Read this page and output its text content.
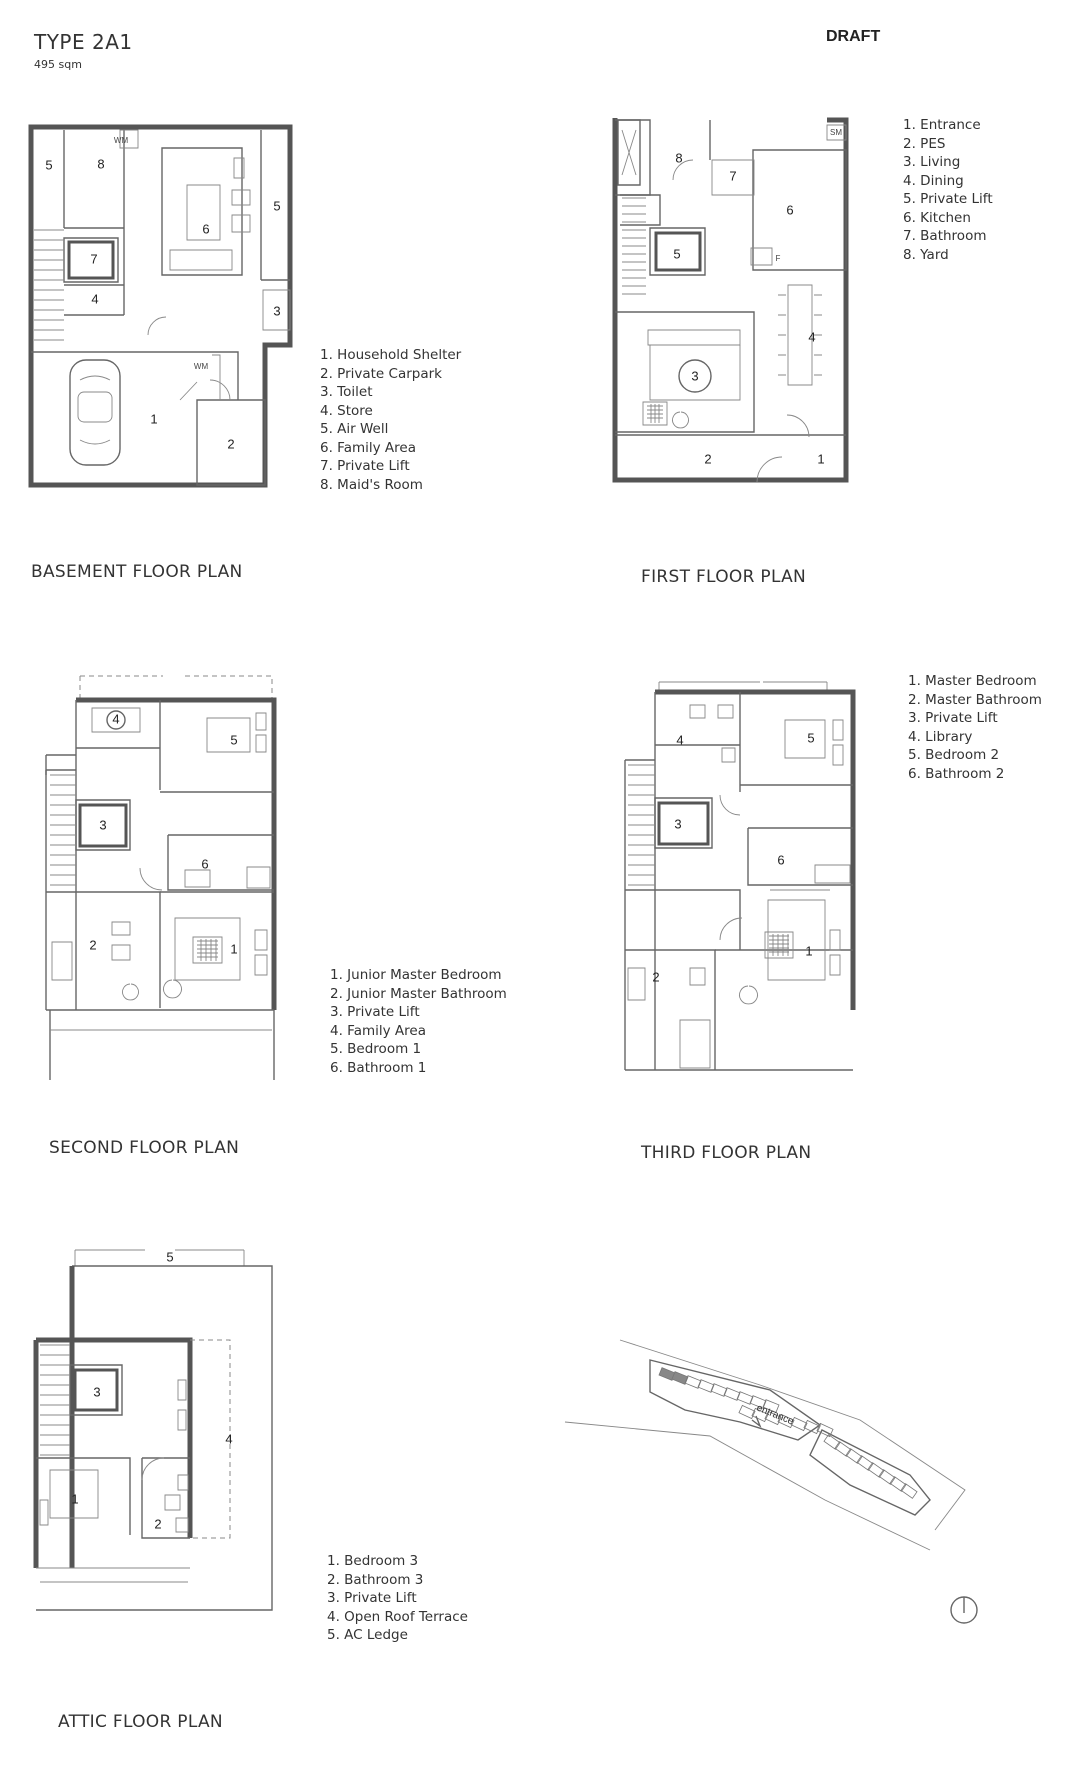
TYPE 2A1
495 sqm
DRAFT
1
2
3
4
5
5
6
7
8
WM
WM
1. Household Shelter
2. Private Carpark
3. Toilet
4. Store
5. Air Well
6. Family Area
7. Private Lift
8. Maid's Room
BASEMENT FLOOR PLAN
1
2
3
4
5
6
7
8
SM
F
1. Entrance
2. PES
3. Living
4. Dining
5. Private Lift
6. Kitchen
7. Bathroom
8. Yard
FIRST FLOOR PLAN
1
2
3
4
5
6
1. Junior Master Bedroom
2. Junior Master Bathroom
3. Private Lift
4. Family Area
5. Bedroom 1
6. Bathroom 1
SECOND FLOOR PLAN
1
2
3
4	5
6
1. Master Bedroom
2. Master Bathroom
3. Private Lift
4. Library
5. Bedroom 2
6. Bathroom 2
THIRD FLOOR PLAN
1
2
3
4
5
1. Bedroom 3
2. Bathroom 3
3. Private Lift
4. Open Roof Terrace
5. AC Ledge
ATTIC FLOOR PLAN
entrance
